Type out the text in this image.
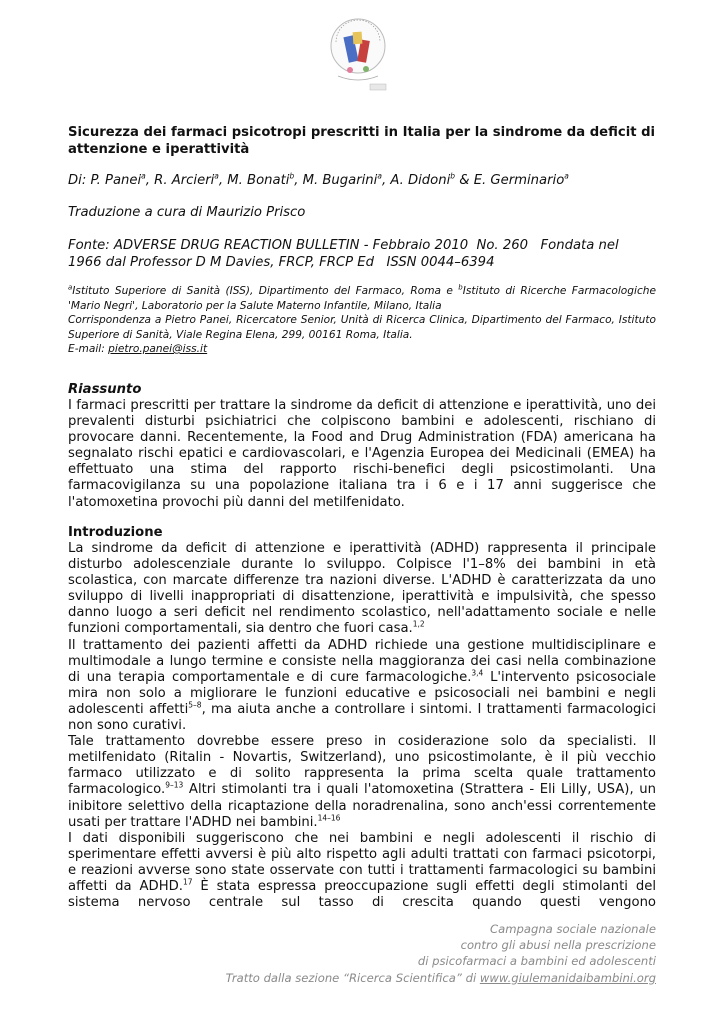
Sicurezza dei farmaci psicotropi prescritti in Italia per la sindrome da deficit di attenzione e iperattività
Di: P. Panei$^a$, R. Arcieri$^a$, M. Bonati$^b$, M. Bugarini$^a$, A. Didoni$^b$ & E. Germinario$^a$
Traduzione a cura di Maurizio Prisco
Fonte: ADVERSE DRUG REACTION BULLETIN - Febbraio 2010  No. 260   Fondata nel
1966 dal Professor D M Davies, FRCP, FRCP Ed   ISSN 0044–6394

$^a$Istituto Superiore di Sanità (ISS), Dipartimento del Farmaco, Roma e $^b$Istituto di Ricerche Farmacologiche 'Mario Negri', Laboratorio per la Salute Materno Infantile, Milano, Italia

Corrispondenza a Pietro Panei, Ricercatore Senior, Unità di Ricerca Clinica, Dipartimento del Farmaco, Istituto Superiore di Sanità, Viale Regina Elena, 299, 00161 Roma, Italia.

E-mail: pietro.panei@iss.it

Riassunto

I farmaci prescritti per trattare la sindrome da deficit di attenzione e iperattività, uno dei prevalenti disturbi psichiatrici che colpiscono bambini e adolescenti, rischiano di provocare danni. Recentemente, la Food and Drug Administration (FDA) americana ha segnalato rischi epatici e cardiovascolari, e l'Agenzia Europea dei Medicinali (EMEA) ha effettuato una stima del rapporto rischi-benefici degli psicostimolanti. Una farmacovigilanza su una popolazione italiana tra i 6 e i 17 anni suggerisce che l'atomoxetina provochi più danni del metilfenidato.

Introduzione

La sindrome da deficit di attenzione e iperattività (ADHD) rappresenta il principale disturbo adolescenziale durante lo sviluppo. Colpisce l'1–8% dei bambini in età scolastica, con marcate differenze tra nazioni diverse. L'ADHD è caratterizzata da uno sviluppo di livelli inappropriati di disattenzione, iperattività e impulsività, che spesso danno luogo a seri deficit nel rendimento scolastico, nell'adattamento sociale e nelle funzioni comportamentali, sia dentro che fuori casa.$^{1,2}$

Il trattamento dei pazienti affetti da ADHD richiede una gestione multidisciplinare e multimodale a lungo termine e consiste nella maggioranza dei casi nella combinazione di una terapia comportamentale e di cure farmacologiche.$^{3,4}$ L'intervento psicosociale mira non solo a migliorare le funzioni educative e psicosociali nei bambini e negli adolescenti affetti$^{5-8}$, ma aiuta anche a controllare i sintomi. I trattamenti farmacologici non sono curativi.

Tale trattamento dovrebbe essere preso in cosiderazione solo da specialisti. Il metilfenidato (Ritalin - Novartis, Switzerland), uno psicostimolante, è il più vecchio farmaco utilizzato e di solito rappresenta la prima scelta quale trattamento farmacologico.$^{9-13}$ Altri stimolanti tra i quali l'atomoxetina (Strattera - Eli Lilly, USA), un inibitore selettivo della ricaptazione della noradrenalina, sono anch'essi correntemente usati per trattare l'ADHD nei bambini.$^{14-16}$

I dati disponibili suggeriscono che nei bambini e negli adolescenti il rischio di sperimentare effetti avversi è più alto rispetto agli adulti trattati con farmaci psicotorpi, e reazioni avverse sono state osservate con tutti i trattamenti farmacologici su bambini affetti da ADHD.$^{17}$ È stata espressa preoccupazione sugli effetti degli stimolanti del sistema nervoso centrale sul tasso di crescita quando questi vengono

Campagna sociale nazionale
contro gli abusi nella prescrizione
di psicofarmaci a bambini ed adolescenti
Tratto dalla sezione “Ricerca Scientifica” di www.giulemanidaibambini.org
